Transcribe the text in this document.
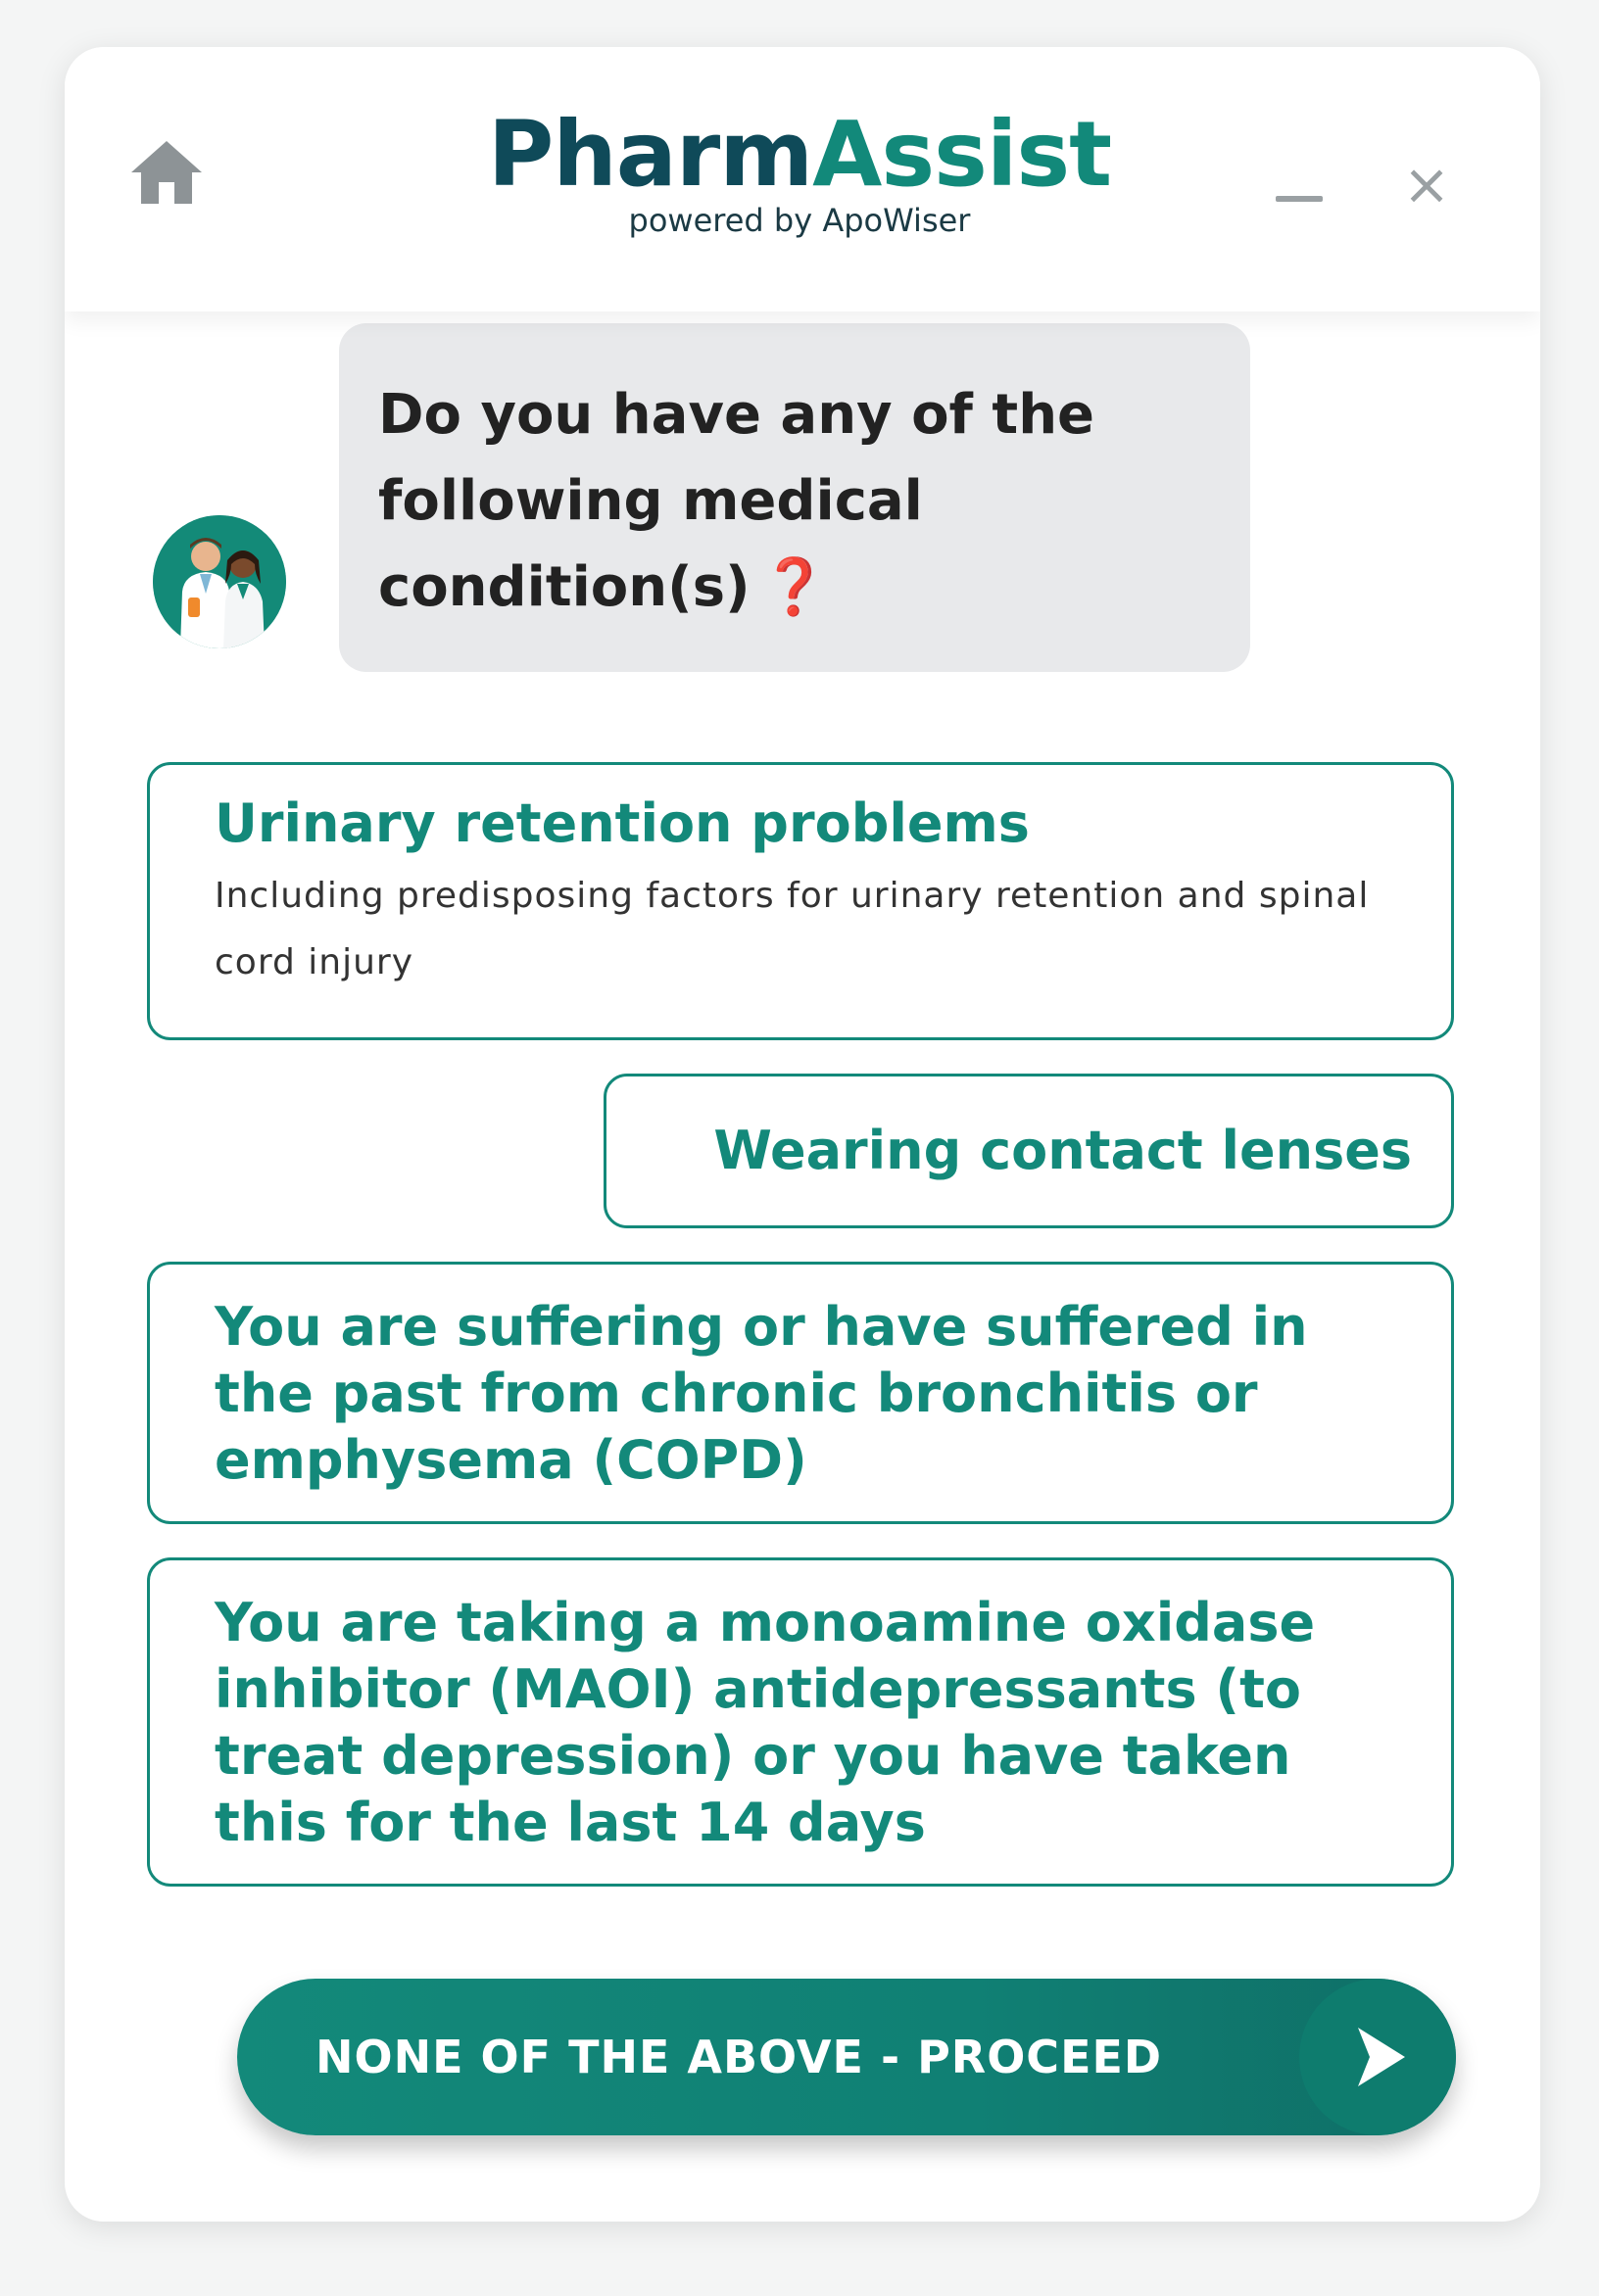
PharmAssist
powered by ApoWiser
×
Do you have any of the following medical condition(s) ❓
Urinary retention problems
Including predisposing factors for urinary retention and spinal cord injury
Wearing contact lenses
You are suffering or have suffered in the past from chronic bronchitis or emphysema (COPD)
You are taking a monoamine oxidase inhibitor (MAOI) antidepressants (to treat depression) or you have taken this for the last 14 days
NONE OF THE ABOVE - PROCEED
